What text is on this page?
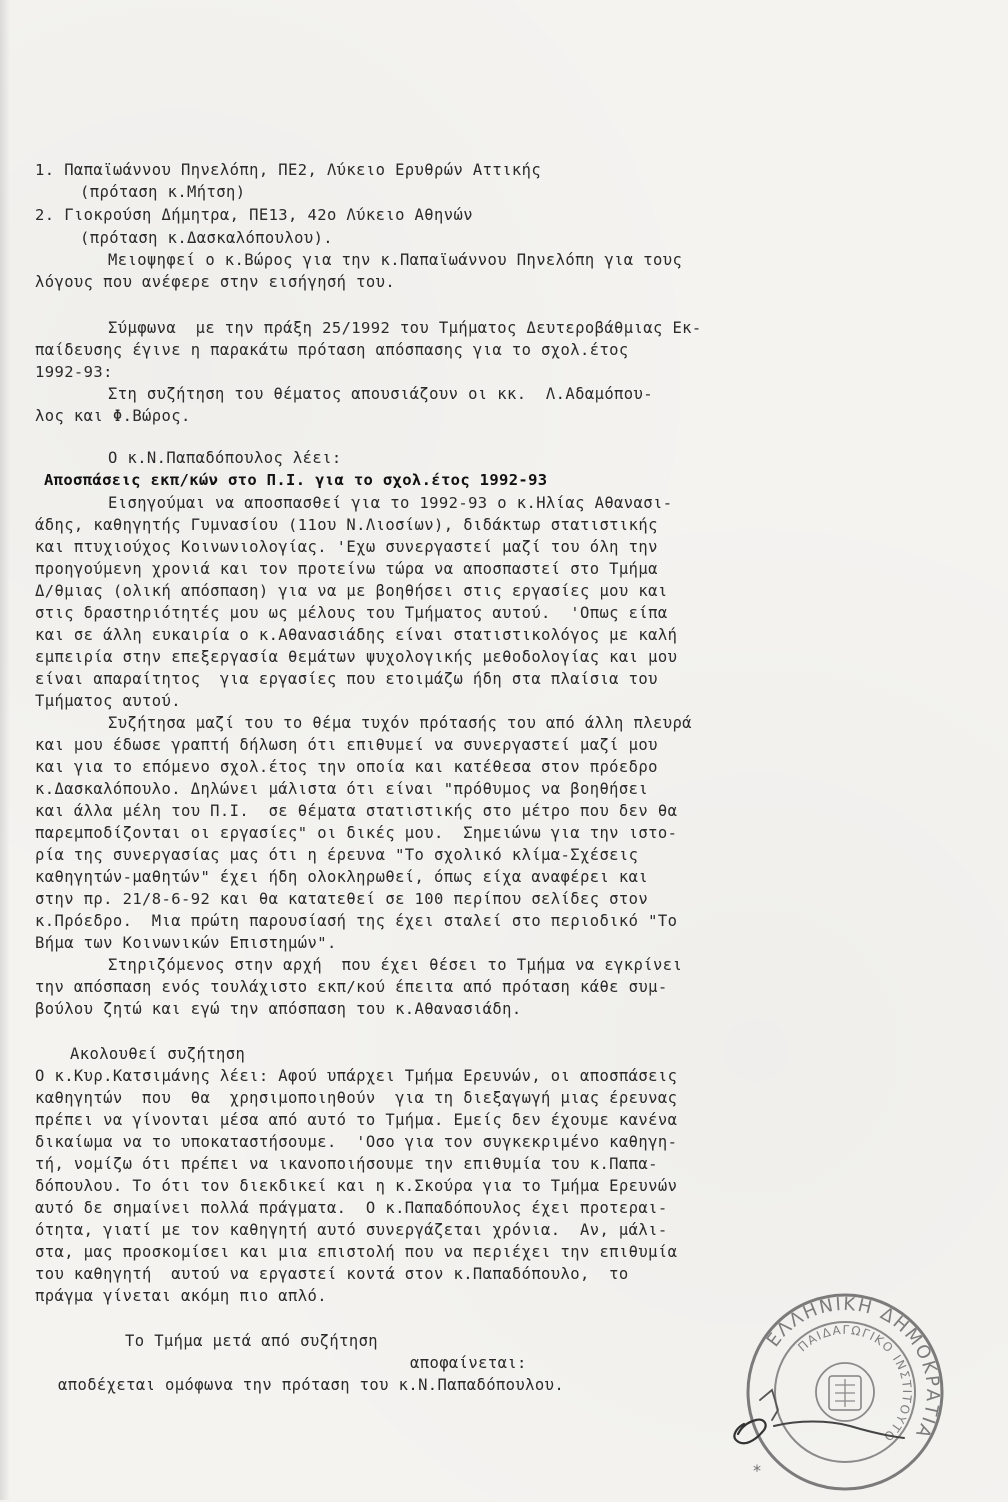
1. Παπαϊωάννου Πηνελόπη, ΠΕ2, Λύκειο Ερυθρών Αττικής
(πρόταση κ.Μήτση)
2. Γιοκρούση Δήμητρα, ΠΕ13, 42ο Λύκειο Αθηνών
(πρόταση κ.Δασκαλόπουλου).
Μειοψηφεί ο κ.Βώρος για την κ.Παπαϊωάννου Πηνελόπη για τους
λόγους που ανέφερε στην εισήγησή του.
Σύμφωνα  με την πράξη 25/1992 του Τμήματος Δευτεροβάθμιας Εκ-
παίδευσης έγινε η παρακάτω πρόταση απόσπασης για το σχολ.έτος
1992-93:
Στη συζήτηση του θέματος απουσιάζουν οι κκ.  Λ.Αδαμόπου-
λος και Φ.Βώρος.
Ο κ.Ν.Παπαδόπουλος λέει:
Αποσπάσεις εκπ/κών στο Π.Ι. για το σχολ.έτος 1992-93
Εισηγούμαι να αποσπασθεί για το 1992-93 ο κ.Ηλίας Αθανασι-
άδης, καθηγητής Γυμνασίου (11ου Ν.Λιοσίων), διδάκτωρ στατιστικής
και πτυχιούχος Κοινωνιολογίας. 'Εχω συνεργαστεί μαζί του όλη την
προηγούμενη χρονιά και τον προτείνω τώρα να αποσπαστεί στο Τμήμα
Δ/θμιας (ολική απόσπαση) για να με βοηθήσει στις εργασίες μου και
στις δραστηριότητές μου ως μέλους του Τμήματος αυτού.  'Οπως είπα
και σε άλλη ευκαιρία ο κ.Αθανασιάδης είναι στατιστικολόγος με καλή
εμπειρία στην επεξεργασία θεμάτων ψυχολογικής μεθοδολογίας και μου
είναι απαραίτητος  για εργασίες που ετοιμάζω ήδη στα πλαίσια του
Τμήματος αυτού.
Συζήτησα μαζί του το θέμα τυχόν πρότασής του από άλλη πλευρά
και μου έδωσε γραπτή δήλωση ότι επιθυμεί να συνεργαστεί μαζί μου
και για το επόμενο σχολ.έτος την οποία και κατέθεσα στον πρόεδρο
κ.Δασκαλόπουλο. Δηλώνει μάλιστα ότι είναι "πρόθυμος να βοηθήσει
και άλλα μέλη του Π.Ι.  σε θέματα στατιστικής στο μέτρο που δεν θα
παρεμποδίζονται οι εργασίες" οι δικές μου.  Σημειώνω για την ιστο-
ρία της συνεργασίας μας ότι η έρευνα "Το σχολικό κλίμα-Σχέσεις
καθηγητών-μαθητών" έχει ήδη ολοκληρωθεί, όπως είχα αναφέρει και
στην πρ. 21/8-6-92 και θα κατατεθεί σε 100 περίπου σελίδες στον
κ.Πρόεδρο.  Μια πρώτη παρουσίασή της έχει σταλεί στο περιοδικό "Το
Βήμα των Κοινωνικών Επιστημών".
Στηριζόμενος στην αρχή  που έχει θέσει το Τμήμα να εγκρίνει
την απόσπαση ενός τουλάχιστο εκπ/κού έπειτα από πρόταση κάθε συμ-
βούλου ζητώ και εγώ την απόσπαση του κ.Αθανασιάδη.
Ακολουθεί συζήτηση
Ο κ.Κυρ.Κατσιμάνης λέει: Αφού υπάρχει Τμήμα Ερευνών, οι αποσπάσεις
καθηγητών  που  θα  χρησιμοποιηθούν  για τη διεξαγωγή μιας έρευνας
πρέπει να γίνονται μέσα από αυτό το Τμήμα. Εμείς δεν έχουμε κανένα
δικαίωμα να το υποκαταστήσουμε.  'Οσο για τον συγκεκριμένο καθηγη-
τή, νομίζω ότι πρέπει να ικανοποιήσουμε την επιθυμία του κ.Παπα-
δόπουλου. Το ότι τον διεκδικεί και η κ.Σκούρα για το Τμήμα Ερευνών
αυτό δε σημαίνει πολλά πράγματα.  Ο κ.Παπαδόπουλος έχει προτεραι-
ότητα, γιατί με τον καθηγητή αυτό συνεργάζεται χρόνια.  Αν, μάλι-
στα, μας προσκομίσει και μια επιστολή που να περιέχει την επιθυμία
του καθηγητή  αυτού να εργαστεί κοντά στον κ.Παπαδόπουλο,  το
πράγμα γίνεται ακόμη πιο απλό.
Το Τμήμα μετά από συζήτηση
αποφαίνεται:
αποδέχεται ομόφωνα την πρόταση του κ.Ν.Παπαδόπουλου.
ΕΛΛΗΝΙΚΗ ΔΗΜΟΚΡΑΤΙΑ
ΠΑΙΔΑΓΩΓΙΚΟ ΙΝΣΤΙΤΟΥΤΟ
*
